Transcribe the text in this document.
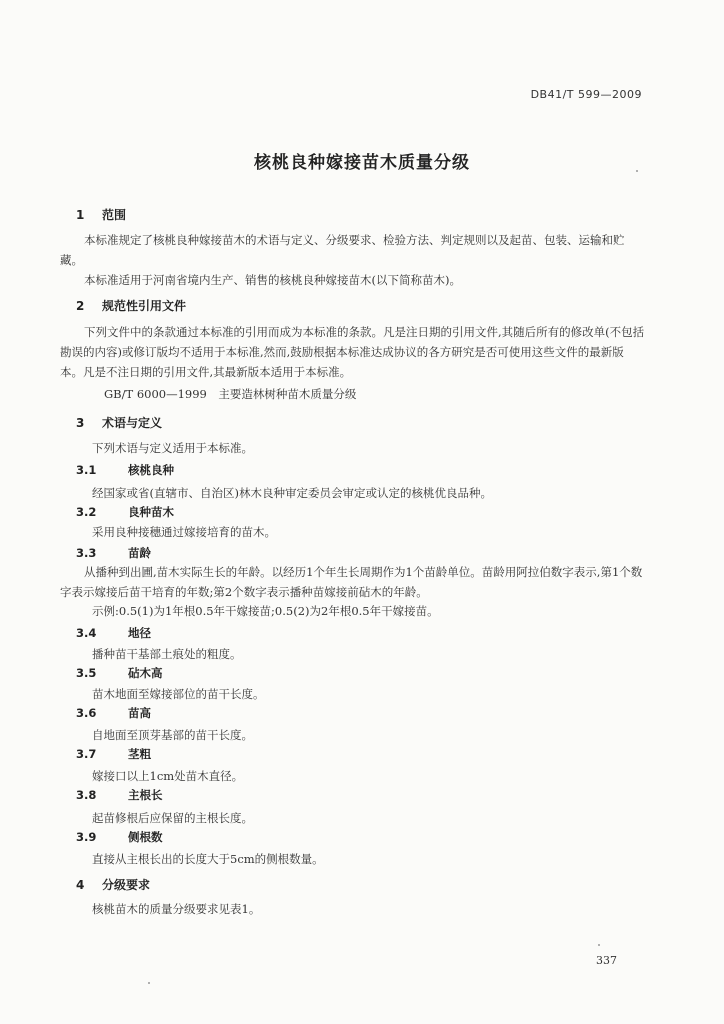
DB41/T 599—2009
核桃良种嫁接苗木质量分级
1 范围
本标准规定了核桃良种嫁接苗木的术语与定义、分级要求、检验方法、判定规则以及起苗、包装、运输和贮藏。
本标准适用于河南省境内生产、销售的核桃良种嫁接苗木(以下简称苗木)。
2 规范性引用文件
下列文件中的条款通过本标准的引用而成为本标准的条款。凡是注日期的引用文件,其随后所有的修改单(不包括勘误的内容)或修订版均不适用于本标准,然而,鼓励根据本标准达成协议的各方研究是否可使用这些文件的最新版本。凡是不注日期的引用文件,其最新版本适用于本标准。
GB/T 6000—1999　主要造林树种苗木质量分级
3 术语与定义
下列术语与定义适用于本标准。
3.1	核桃良种
经国家或省(直辖市、自治区)林木良种审定委员会审定或认定的核桃优良品种。
3.2	良种苗木
采用良种接穗通过嫁接培育的苗木。
3.3	苗龄
从播种到出圃,苗木实际生长的年龄。以经历1个年生长周期作为1个苗龄单位。苗龄用阿拉伯数字表示,第1个数字表示嫁接后苗干培育的年数;第2个数字表示播种苗嫁接前砧木的年龄。
示例:0.5(1)为1年根0.5年干嫁接苗;0.5(2)为2年根0.5年干嫁接苗。
3.4	地径
播种苗干基部土痕处的粗度。
3.5	砧木高
苗木地面至嫁接部位的苗干长度。
3.6	苗高
自地面至顶芽基部的苗干长度。
3.7	茎粗
嫁接口以上1cm处苗木直径。
3.8	主根长
起苗修根后应保留的主根长度。
3.9	侧根数
直接从主根长出的长度大于5cm的侧根数量。
4 分级要求
核桃苗木的质量分级要求见表1。
337
